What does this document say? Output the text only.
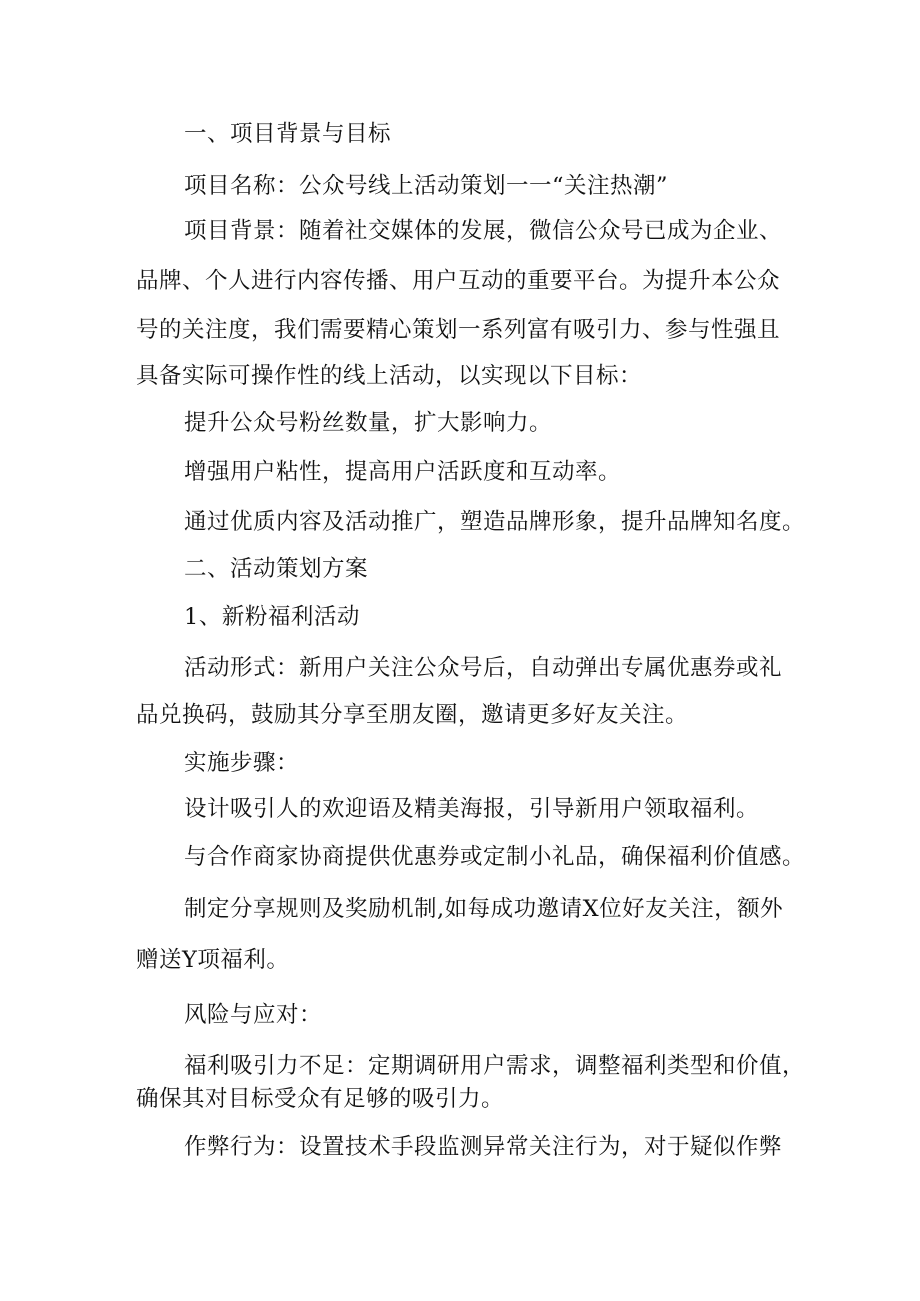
一、项目背景与目标
项目名称：公众号线上活动策划一一“关注热潮”
项目背景：随着社交媒体的发展，微信公众号已成为企业、
品牌、个人进行内容传播、用户互动的重要平台。为提升本公众
号的关注度，我们需要精心策划一系列富有吸引力、参与性强且
具备实际可操作性的线上活动，以实现以下目标：
提升公众号粉丝数量，扩大影响力。
增强用户粘性，提高用户活跃度和互动率。
通过优质内容及活动推广，塑造品牌形象，提升品牌知名度。
二、活动策划方案
1、新粉福利活动
活动形式：新用户关注公众号后，自动弹出专属优惠券或礼
品兑换码，鼓励其分享至朋友圈，邀请更多好友关注。
实施步骤：
设计吸引人的欢迎语及精美海报，引导新用户领取福利。
与合作商家协商提供优惠券或定制小礼品，确保福利价值感。
制定分享规则及奖励机制,如每成功邀请X位好友关注，额外
赠送Y项福利。
风险与应对：
福利吸引力不足：定期调研用户需求，调整福利类型和价值，
确保其对目标受众有足够的吸引力。
作弊行为：设置技术手段监测异常关注行为，对于疑似作弊
